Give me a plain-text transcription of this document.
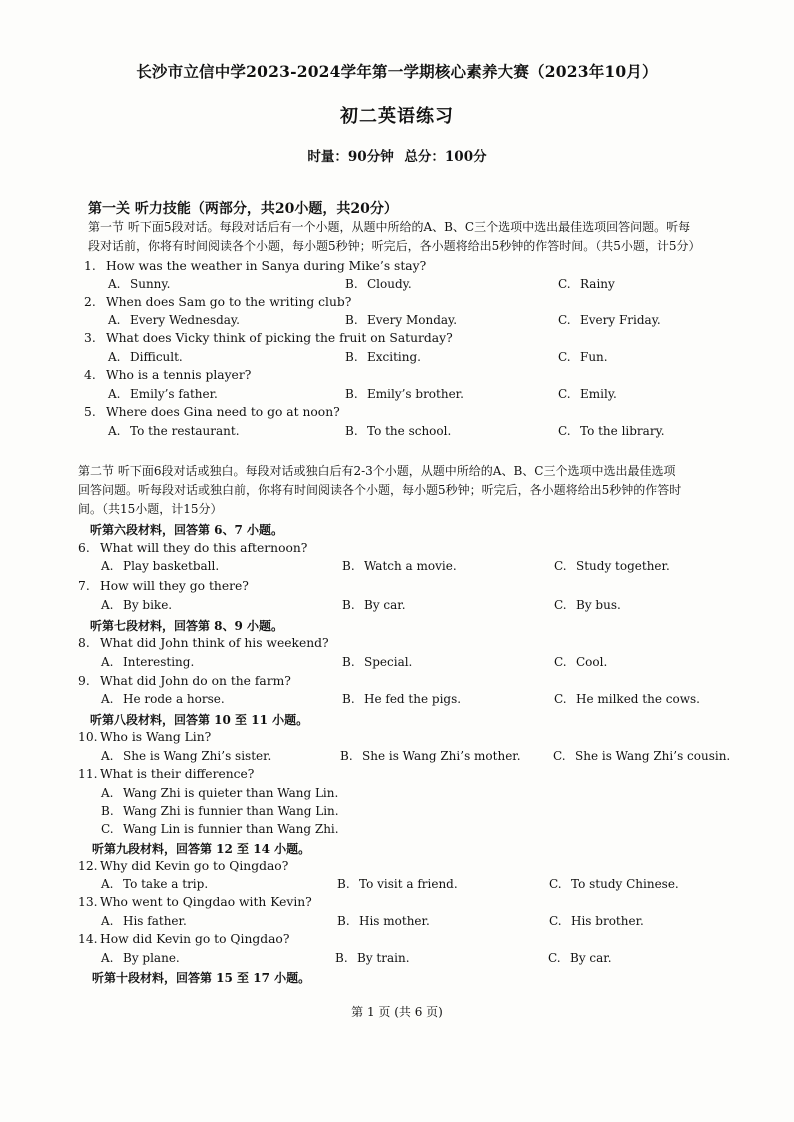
长沙市立信中学2023-2024学年第一学期核心素养大赛（2023年10月）
初二英语练习
时量：90分钟 总分：100分
第一关 听力技能（两部分，共20小题，共20分）
第一节 听下面5段对话。每段对话后有一个小题，从题中所给的A、B、C三个选项中选出最佳选项回答问题。听每
段对话前，你将有时间阅读各个小题，每小题5秒钟；听完后，各小题将给出5秒钟的作答时间。（共5小题，计5分）
1. How was the weather in Sanya during Mike’s stay?
A. Sunny.	B. Cloudy.	C. Rainy
2. When does Sam go to the writing club?
A. Every Wednesday.	B. Every Monday.	C. Every Friday.
3. What does Vicky think of picking the fruit on Saturday?
A. Difficult.	B. Exciting.	C. Fun.
4. Who is a tennis player?
A. Emily’s father.	B. Emily’s brother.	C. Emily.
5. Where does Gina need to go at noon?
A. To the restaurant.	B. To the school.	C. To the library.
第二节 听下面6段对话或独白。每段对话或独白后有2-3个小题，从题中所给的A、B、C三个选项中选出最佳选项
回答问题。听每段对话或独白前，你将有时间阅读各个小题，每小题5秒钟；听完后，各小题将给出5秒钟的作答时
间。（共15小题，计15分）
听第六段材料，回答第 6、7 小题。
6. What will they do this afternoon?
A. Play basketball.	B. Watch a movie.	C. Study together.
7. How will they go there?
A. By bike.	B. By car.	C. By bus.
听第七段材料，回答第 8、9 小题。
8. What did John think of his weekend?
A. Interesting.	B. Special.	C. Cool.
9. What did John do on the farm?
A. He rode a horse.	B. He fed the pigs.	C. He milked the cows.
听第八段材料，回答第 10 至 11 小题。
10. Who is Wang Lin?
A. She is Wang Zhi’s sister.	B. She is Wang Zhi’s mother.	C. She is Wang Zhi’s cousin.
11. What is their difference?
A. Wang Zhi is quieter than Wang Lin.
B. Wang Zhi is funnier than Wang Lin.
C. Wang Lin is funnier than Wang Zhi.
听第九段材料，回答第 12 至 14 小题。
12. Why did Kevin go to Qingdao?
A. To take a trip.	B. To visit a friend.	C. To study Chinese.
13. Who went to Qingdao with Kevin?
A. His father.	B. His mother.	C. His brother.
14. How did Kevin go to Qingdao?
A. By plane.	B. By train.	C. By car.
听第十段材料，回答第 15 至 17 小题。
第 1 页 (共 6 页)
